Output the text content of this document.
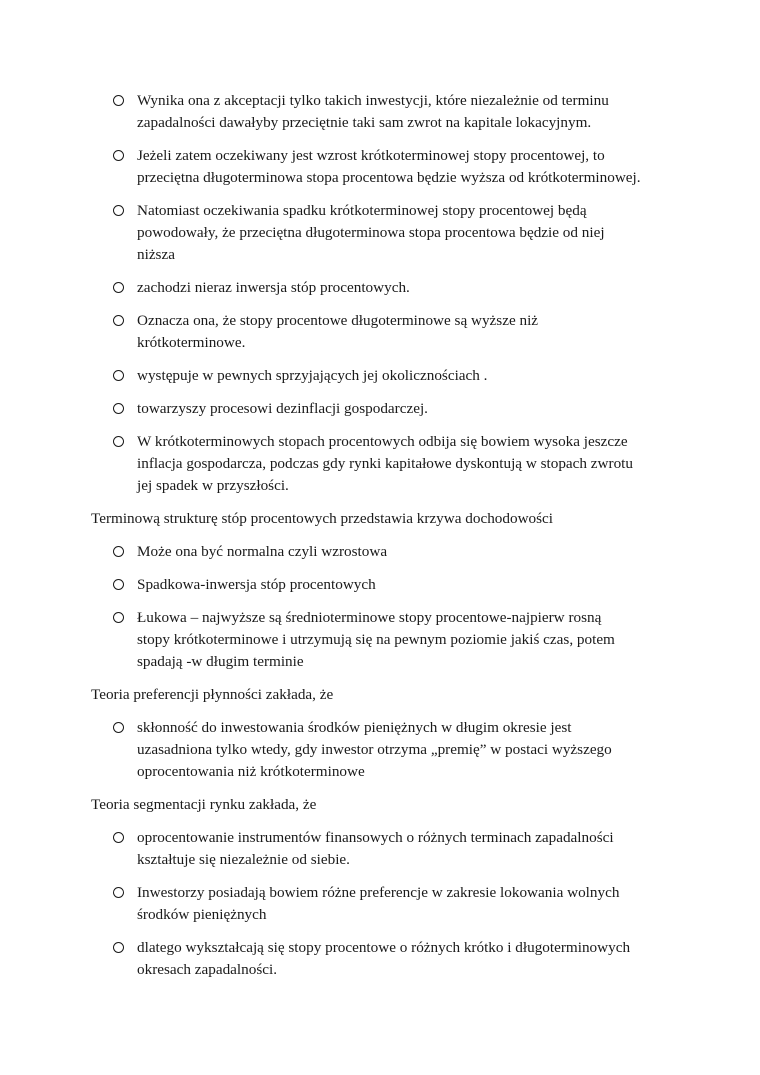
Wynika ona z akceptacji tylko takich inwestycji, które niezależnie od terminu
zapadalności dawałyby przeciętnie taki sam zwrot na kapitale lokacyjnym.
Jeżeli zatem oczekiwany jest wzrost krótkoterminowej stopy procentowej, to
przeciętna długoterminowa stopa procentowa będzie wyższa od krótkoterminowej.
Natomiast oczekiwania spadku krótkoterminowej stopy procentowej będą
powodowały, że przeciętna długoterminowa stopa procentowa będzie od niej
niższa
zachodzi nieraz inwersja stóp procentowych.
Oznacza ona, że stopy procentowe długoterminowe są wyższe niż
krótkoterminowe.
występuje w pewnych sprzyjających jej okolicznościach .
towarzyszy procesowi dezinflacji gospodarczej.
W krótkoterminowych stopach procentowych odbija się bowiem wysoka jeszcze
inflacja gospodarcza, podczas gdy rynki kapitałowe dyskontują w stopach zwrotu
jej spadek w przyszłości.

Terminową strukturę stóp procentowych przedstawia krzywa dochodowości

Może ona być normalna czyli wzrostowa
Spadkowa-inwersja stóp procentowych
Łukowa – najwyższe są średnioterminowe stopy procentowe-najpierw rosną
stopy krótkoterminowe i utrzymują się na pewnym poziomie jakiś czas, potem
spadają -w długim terminie

Teoria preferencji płynności zakłada, że

skłonność do inwestowania środków pieniężnych w długim okresie jest
uzasadniona tylko wtedy, gdy inwestor otrzyma „premię” w postaci wyższego
oprocentowania niż krótkoterminowe

Teoria segmentacji rynku zakłada, że

oprocentowanie instrumentów finansowych o różnych terminach zapadalności
kształtuje się niezależnie od siebie.
Inwestorzy posiadają bowiem różne preferencje w zakresie lokowania wolnych
środków pieniężnych
dlatego wykształcają się stopy procentowe o różnych krótko i długoterminowych
okresach zapadalności.
